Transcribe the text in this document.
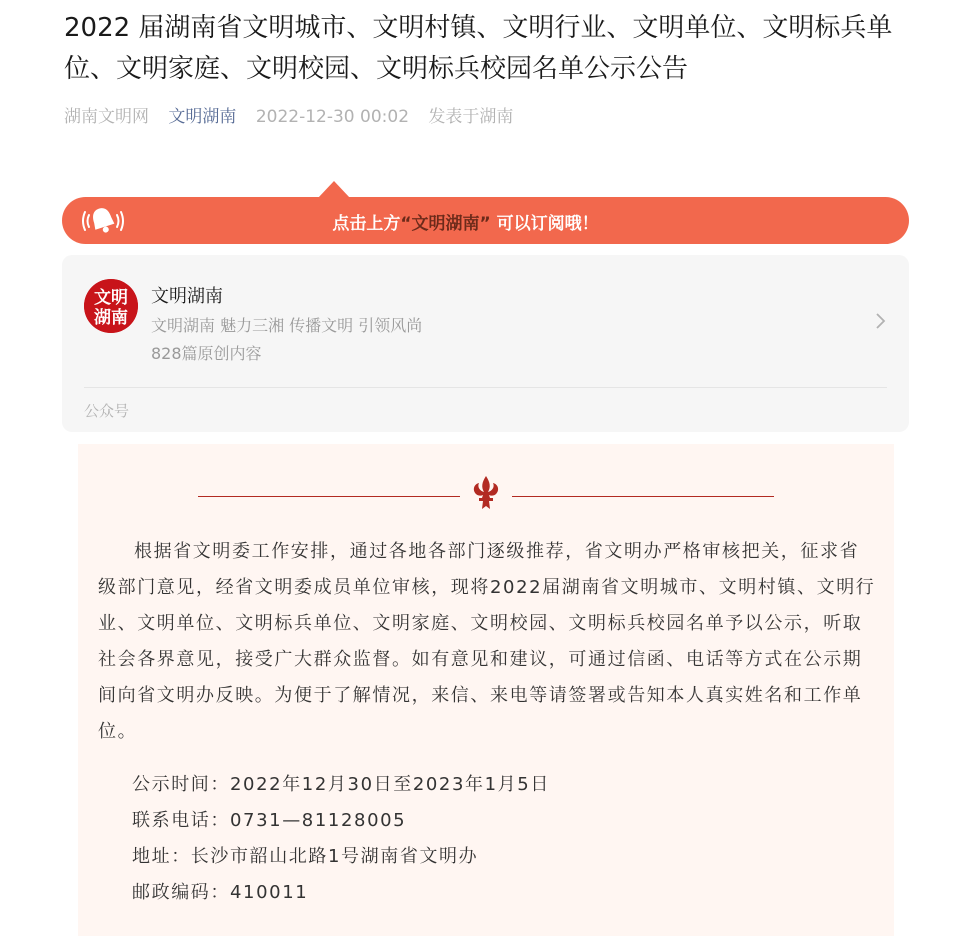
2022 届湖南省文明城市、文明村镇、文明行业、文明单位、文明标兵单位、文明家庭、文明校园、文明标兵校园名单公示公告
湖南文明网 文明湖南 2022-12-30 00:02 发表于湖南
点击上方“文明湖南” 可以订阅哦！
文明
湖南
文明湖南
文明湖南 魅力三湘 传播文明 引领风尚
828篇原创内容
公众号

根据省文明委工作安排，通过各地各部门逐级推荐，省文明办严格审核把关，征求省级部门意见，经省文明委成员单位审核，现将2022届湖南省文明城市、文明村镇、文明行业、文明单位、文明标兵单位、文明家庭、文明校园、文明标兵校园名单予以公示，听取社会各界意见，接受广大群众监督。如有意见和建议，可通过信函、电话等方式在公示期间向省文明办反映。为便于了解情况，来信、来电等请签署或告知本人真实姓名和工作单位。

公示时间：2022年12月30日至2023年1月5日
联系电话：0731—81128005
地址：长沙市韶山北路1号湖南省文明办
邮政编码：410011
